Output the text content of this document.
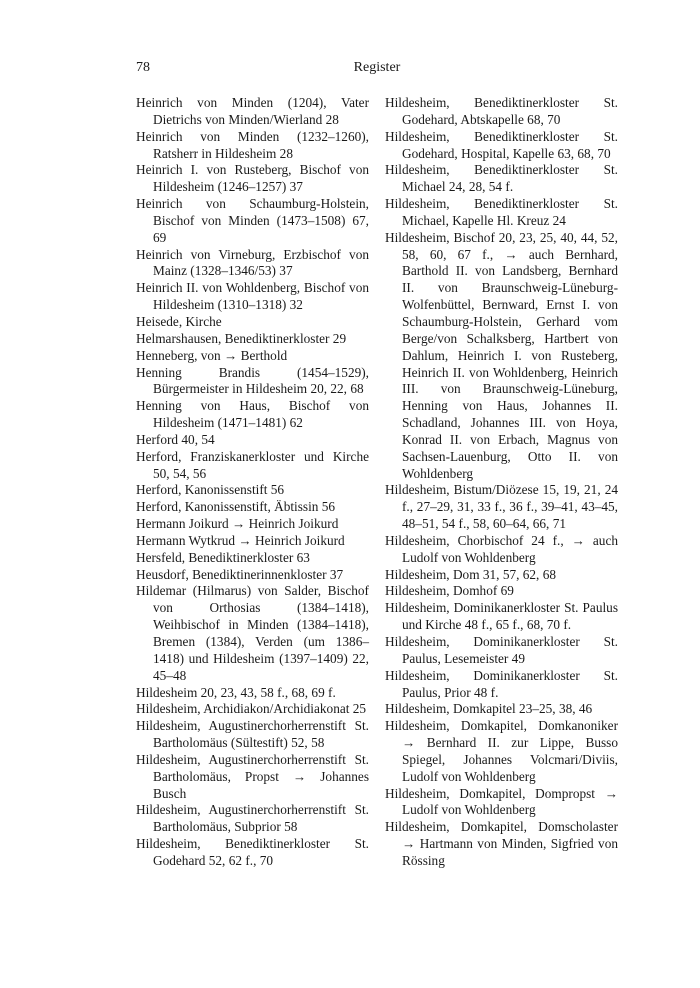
78	Register

Heinrich von Minden (1204), Vater Dietrichs von Minden/Wierland 28

Heinrich von Minden (1232–1260), Ratsherr in Hildesheim 28

Heinrich I. von Rusteberg, Bischof von Hildesheim (1246–1257) 37

Heinrich von Schaumburg-Holstein, Bischof von Minden (1473–1508) 67, 69

Heinrich von Virneburg, Erzbischof von Mainz (1328–1346/53) 37

Heinrich II. von Wohldenberg, Bischof von Hildesheim (1310–1318) 32

Heisede, Kirche

Helmarshausen, Benediktinerkloster 29

Henneberg, von → Berthold

Henning Brandis (1454–1529), Bürgermeister in Hildesheim 20, 22, 68

Henning von Haus, Bischof von Hildesheim (1471–1481) 62

Herford 40, 54

Herford, Franziskanerkloster und Kirche 50, 54, 56

Herford, Kanonissenstift 56

Herford, Kanonissenstift, Äbtissin 56

Hermann Joikurd → Heinrich Joikurd

Hermann Wytkrud → Heinrich Joikurd

Hersfeld, Benediktinerkloster 63

Heusdorf, Benediktinerinnenkloster 37

Hildemar (Hilmarus) von Salder, Bischof von Orthosias (1384–1418), Weihbischof in Minden (1384–1418), Bremen (1384), Verden (um 1386–1418) und Hildesheim (1397–1409) 22, 45–48

Hildesheim 20, 23, 43, 58 f., 68, 69 f.

Hildesheim, Archidiakon/Archidiakonat 25

Hildesheim, Augustinerchorherrenstift St. Bartholomäus (Sültestift) 52, 58

Hildesheim, Augustinerchorherrenstift St. Bartholomäus, Propst → Johannes Busch

Hildesheim, Augustinerchorherrenstift St. Bartholomäus, Subprior 58

Hildesheim, Benediktinerkloster St. Godehard 52, 62 f., 70

Hildesheim, Benediktinerkloster St. Godehard, Abtskapelle 68, 70

Hildesheim, Benediktinerkloster St. Godehard, Hospital, Kapelle 63, 68, 70

Hildesheim, Benediktinerkloster St. Michael 24, 28, 54 f.

Hildesheim, Benediktinerkloster St. Michael, Kapelle Hl. Kreuz 24

Hildesheim, Bischof 20, 23, 25, 40, 44, 52, 58, 60, 67 f., → auch Bernhard, Barthold II. von Landsberg, Bernhard II. von Braunschweig-Lüneburg-Wolfenbüttel, Bernward, Ernst I. von Schaumburg-Holstein, Gerhard vom Berge/von Schalksberg, Hartbert von Dahlum, Heinrich I. von Rusteberg, Heinrich II. von Wohldenberg, Heinrich III. von Braunschweig-Lüneburg, Henning von Haus, Johannes II. Schadland, Johannes III. von Hoya, Konrad II. von Erbach, Magnus von Sachsen-Lauenburg, Otto II. von Wohldenberg

Hildesheim, Bistum/Diözese 15, 19, 21, 24 f., 27–29, 31, 33 f., 36 f., 39–41, 43–45, 48–51, 54 f., 58, 60–64, 66, 71

Hildesheim, Chorbischof 24 f., → auch Ludolf von Wohldenberg

Hildesheim, Dom 31, 57, 62, 68

Hildesheim, Domhof 69

Hildesheim, Dominikanerkloster St. Paulus und Kirche 48 f., 65 f., 68, 70 f.

Hildesheim, Dominikanerkloster St. Paulus, Lesemeister 49

Hildesheim, Dominikanerkloster St. Paulus, Prior 48 f.

Hildesheim, Domkapitel 23–25, 38, 46

Hildesheim, Domkapitel, Domkanoniker → Bernhard II. zur Lippe, Busso Spiegel, Johannes Volcmari/Diviis, Ludolf von Wohldenberg

Hildesheim, Domkapitel, Dompropst → Ludolf von Wohldenberg

Hildesheim, Domkapitel, Domscholaster → Hartmann von Minden, Sigfried von Rössing
